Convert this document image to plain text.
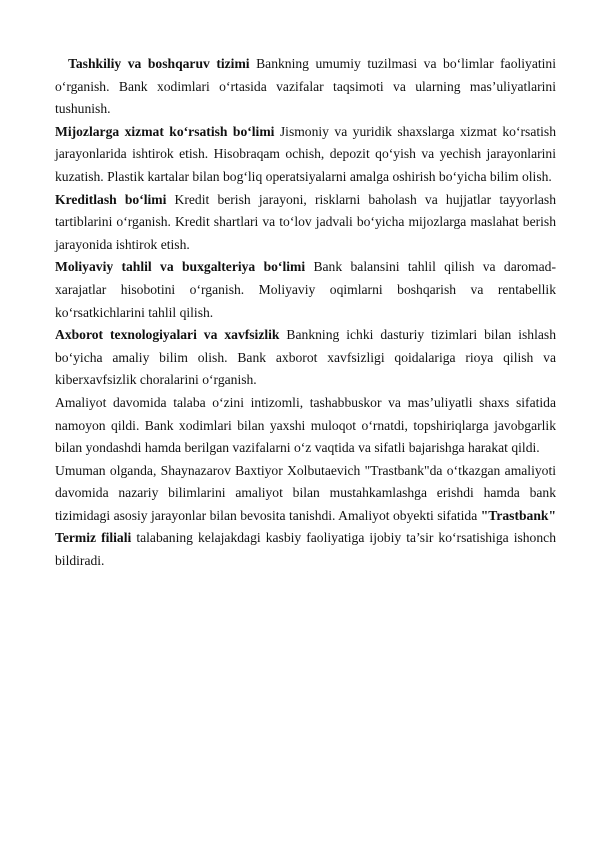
Tashkiliy va boshqaruv tizimi Bankning umumiy tuzilmasi va bo‘limlar faoliyatini o‘rganish. Bank xodimlari o‘rtasida vazifalar taqsimoti va ularning mas’uliyatlarini tushunish.

Mijozlarga xizmat ko‘rsatish bo‘limi Jismoniy va yuridik shaxslarga xizmat ko‘rsatish jarayonlarida ishtirok etish. Hisobraqam ochish, depozit qo‘yish va yechish jarayonlarini kuzatish. Plastik kartalar bilan bog‘liq operatsiyalarni amalga oshirish bo‘yicha bilim olish.

Kreditlash bo‘limi Kredit berish jarayoni, risklarni baholash va hujjatlar tayyorlash tartiblarini o‘rganish. Kredit shartlari va to‘lov jadvali bo‘yicha mijozlarga maslahat berish jarayonida ishtirok etish.

Moliyaviy tahlil va buxgalteriya bo‘limi Bank balansini tahlil qilish va daromad-xarajatlar hisobotini o‘rganish. Moliyaviy oqimlarni boshqarish va rentabellik ko‘rsatkichlarini tahlil qilish.

Axborot texnologiyalari va xavfsizlik Bankning ichki dasturiy tizimlari bilan ishlash bo‘yicha amaliy bilim olish. Bank axborot xavfsizligi qoidalariga rioya qilish va kiberxavfsizlik choralarini o‘rganish.

Amaliyot davomida talaba o‘zini intizomli, tashabbuskor va mas’uliyatli shaxs sifatida namoyon qildi. Bank xodimlari bilan yaxshi muloqot o‘rnatdi, topshiriqlarga javobgarlik bilan yondashdi hamda berilgan vazifalarni o‘z vaqtida va sifatli bajarishga harakat qildi.

Umuman olganda, Shaynazarov Baxtiyor Xolbutaevich "Trastbank"da o‘tkazgan amaliyoti davomida nazariy bilimlarini amaliyot bilan mustahkamlashga erishdi hamda bank tizimidagi asosiy jarayonlar bilan bevosita tanishdi. Amaliyot obyekti sifatida "Trastbank" Termiz filiali talabaning kelajakdagi kasbiy faoliyatiga ijobiy ta’sir ko‘rsatishiga ishonch bildiradi.
